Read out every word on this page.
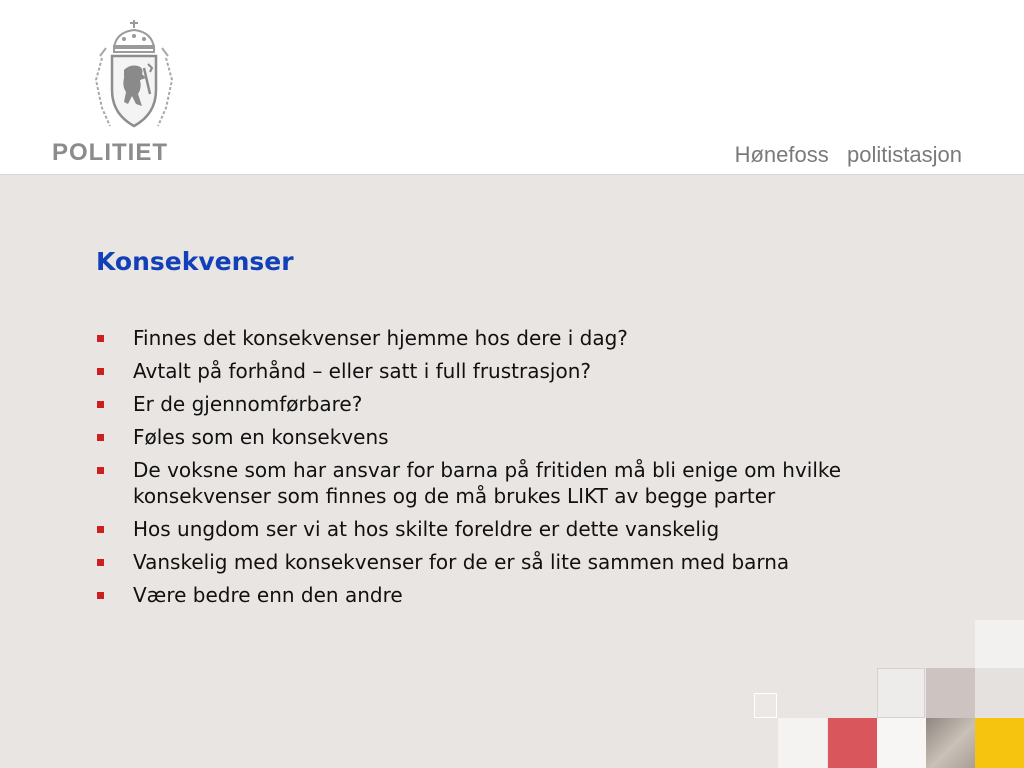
POLITIET	Hønefoss   politistasjon
Konsekvenser
Finnes det konsekvenser hjemme hos dere i dag?
Avtalt på forhånd – eller satt i full frustrasjon?
Er de gjennomførbare?
Føles som en konsekvens
De voksne som har ansvar for barna på fritiden må bli enige om hvilke konsekvenser som finnes og de må brukes LIKT av begge parter
Hos ungdom ser vi at hos skilte foreldre er dette vanskelig
Vanskelig med konsekvenser for de er så lite sammen med barna
Være bedre enn den andre
